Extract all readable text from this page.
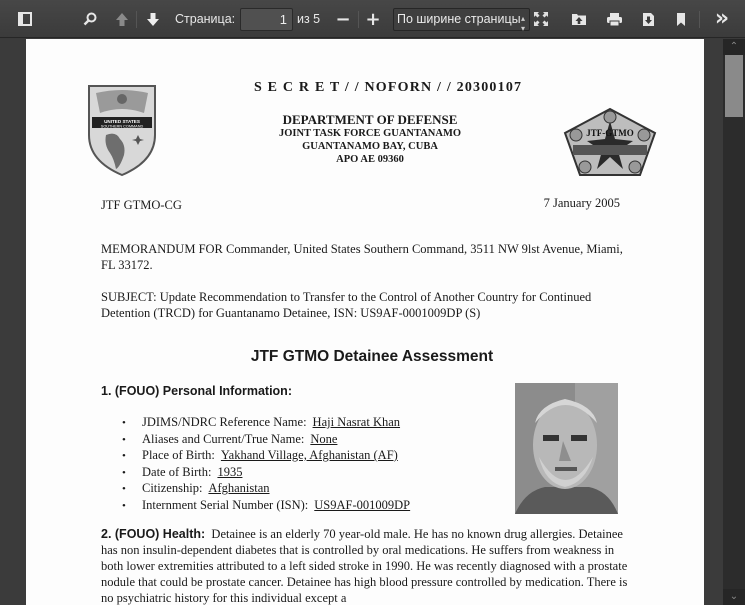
Страница:	1 из 5 − +	По ширине страницы ▴
▾	»
S E C R E T / / NOFORN / / 20300107
DEPARTMENT OF DEFENSE
JOINT TASK FORCE GUANTANAMO
GUANTANAMO BAY, CUBA
APO AE 09360
UNITED STATES
SOUTHERN COMMAND
JTF-GTMO
JTF GTMO-CG	7 January 2005
MEMORANDUM FOR Commander, United States Southern Command, 3511 NW 9lst Avenue, Miami, FL 33172.
SUBJECT: Update Recommendation to Transfer to the Control of Another Country for Continued Detention (TRCD) for Guantanamo Detainee, ISN: US9AF-0001009DP (S)
JTF GTMO Detainee Assessment
1. (FOUO) Personal Information:
• JDIMS/NDRC Reference Name: Haji Nasrat Khan
• Aliases and Current/True Name: None
• Place of Birth: Yakhand Village, Afghanistan (AF)
• Date of Birth: 1935
• Citizenship: Afghanistan
• Internment Serial Number (ISN): US9AF-001009DP
2. (FOUO) Health: Detainee is an elderly 70 year-old male. He has no known drug allergies. Detainee has non insulin-dependent diabetes that is controlled by oral medications. He suffers from weakness in both lower extremities attributed to a left sided stroke in 1990. He was recently diagnosed with a prostate nodule that could be prostate cancer. Detainee has high blood pressure controlled by medication. There is no psychiatric history for this individual except a
⌃
⌄
